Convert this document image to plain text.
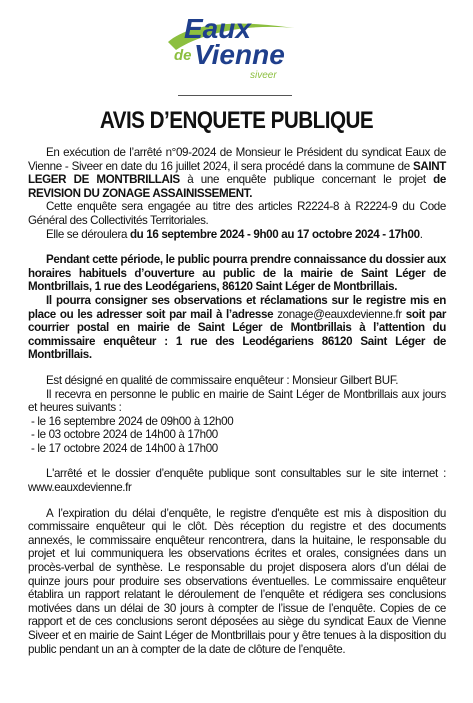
Eaux
de Vienne
siveer
AVIS D’ENQUETE PUBLIQUE

En exécution de l’arrêté n°09-2024 de Monsieur le Président du syndicat Eaux de Vienne - Siveer en date du 16 juillet 2024, il sera procédé dans la commune de SAINT LEGER DE MONTBRILLAIS à une enquête publique concernant le projet de REVISION DU ZONAGE ASSAINISSEMENT.

Cette enquête sera engagée au titre des articles R2224-8 à R2224-9 du Code Général des Collectivités Territoriales.

Elle se déroulera du 16 septembre 2024 - 9h00 au 17 octobre 2024 - 17h00.

Pendant cette période, le public pourra prendre connaissance du dossier aux horaires habituels d’ouverture au public de la mairie de Saint Léger de Montbrillais, 1 rue des Leodégariens, 86120 Saint Léger de Montbrillais.

Il pourra consigner ses observations et réclamations sur le registre mis en place ou les adresser soit par mail à l’adresse zonage@eauxdevienne.fr soit par courrier postal en mairie de Saint Léger de Montbrillais à l’attention du commissaire enquêteur : 1 rue des Leodégariens 86120 Saint Léger de Montbrillais.

Est désigné en qualité de commissaire enquêteur : Monsieur Gilbert BUF.

Il recevra en personne le public en mairie de Saint Léger de Montbrillais aux jours et heures suivants :

- le 16 septembre 2024 de 09h00 à 12h00
- le 03 octobre 2024 de 14h00 à 17h00
- le 17 octobre 2024 de 14h00 à 17h00

L'arrêté et le dossier d’enquête publique sont consultables sur le site internet : www.eauxdevienne.fr

A l’expiration du délai d’enquête, le registre d'enquête est mis à disposition du commissaire enquêteur qui le clôt. Dès réception du registre et des documents annexés, le commissaire enquêteur rencontrera, dans la huitaine, le responsable du projet et lui communiquera les observations écrites et orales, consignées dans un procès-verbal de synthèse. Le responsable du projet disposera alors d’un délai de quinze jours pour produire ses observations éventuelles. Le commissaire enquêteur établira un rapport relatant le déroulement de l’enquête et rédigera ses conclusions motivées dans un délai de 30 jours à compter de l’issue de l’enquête. Copies de ce rapport et de ces conclusions seront déposées au siège du syndicat Eaux de Vienne Siveer et en mairie de Saint Léger de Montbrillais pour y être tenues à la disposition du public pendant un an à compter de la date de clôture de l’enquête.
